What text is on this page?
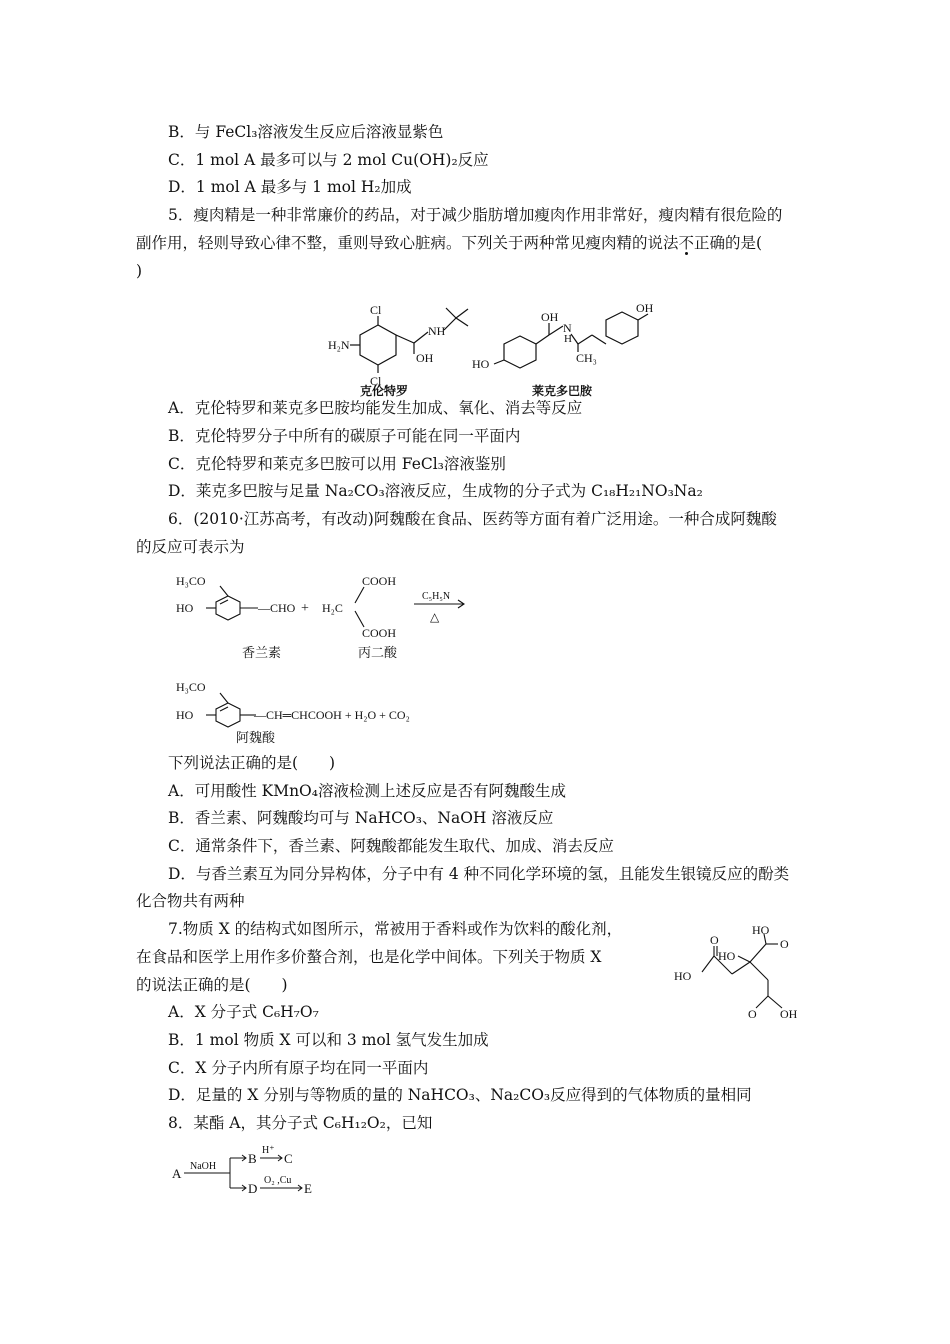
B．与 FeCl₃溶液发生反应后溶液显紫色
C．1 mol A 最多可以与 2 mol Cu(OH)₂反应
D．1 mol A 最多与 1 mol H₂加成
5．瘦肉精是一种非常廉价的药品，对于减少脂肪增加瘦肉作用非常好，瘦肉精有很危险的
副作用，轻则导致心律不整，重则导致心脏病。下列关于两种常见瘦肉精的说法不正确的是(
)
Cl
H₂N
Cl
NH
OH
克伦特罗
OH
N
H
OH
HO	CH₃
莱克多巴胺
A．克伦特罗和莱克多巴胺均能发生加成、氧化、消去等反应
B．克伦特罗分子中所有的碳原子可能在同一平面内
C．克伦特罗和莱克多巴胺可以用 FeCl₃溶液鉴别
D．莱克多巴胺与足量 Na₂CO₃溶液反应，生成物的分子式为 C₁₈H₂₁NO₃Na₂
6．(2010·江苏高考，有改动)阿魏酸在食品、医药等方面有着广泛用途。一种合成阿魏酸
的反应可表示为
H₃CO
HO	—CHO + H₂C
COOH
COOH
C₅H₅N
△
香兰素	丙二酸
H₃CO
HO	—CH═CHCOOH + H₂O + CO₂
阿魏酸
下列说法正确的是(　　)
A．可用酸性 KMnO₄溶液检测上述反应是否有阿魏酸生成
B．香兰素、阿魏酸均可与 NaHCO₃、NaOH 溶液反应
C．通常条件下，香兰素、阿魏酸都能发生取代、加成、消去反应
D．与香兰素互为同分异构体，分子中有 4 种不同化学环境的氢，且能发生银镜反应的酚类
化合物共有两种
7.物质 X 的结构式如图所示，常被用于香料或作为饮料的酸化剂，
在食品和医学上用作多价螯合剂，也是化学中间体。下列关于物质 X
的说法正确的是(　　)
HO
O
HO
O
HO
O OH
A．X 分子式 C₆H₇O₇
B．1 mol 物质 X 可以和 3 mol 氢气发生加成
C．X 分子内所有原子均在同一平面内
D．足量的 X 分别与等物质的量的 NaHCO₃、Na₂CO₃反应得到的气体物质的量相同
8．某酯 A，其分子式 C₆H₁₂O₂，已知
A NaOH
B
H⁺
C
D
O₂ ,Cu
E
